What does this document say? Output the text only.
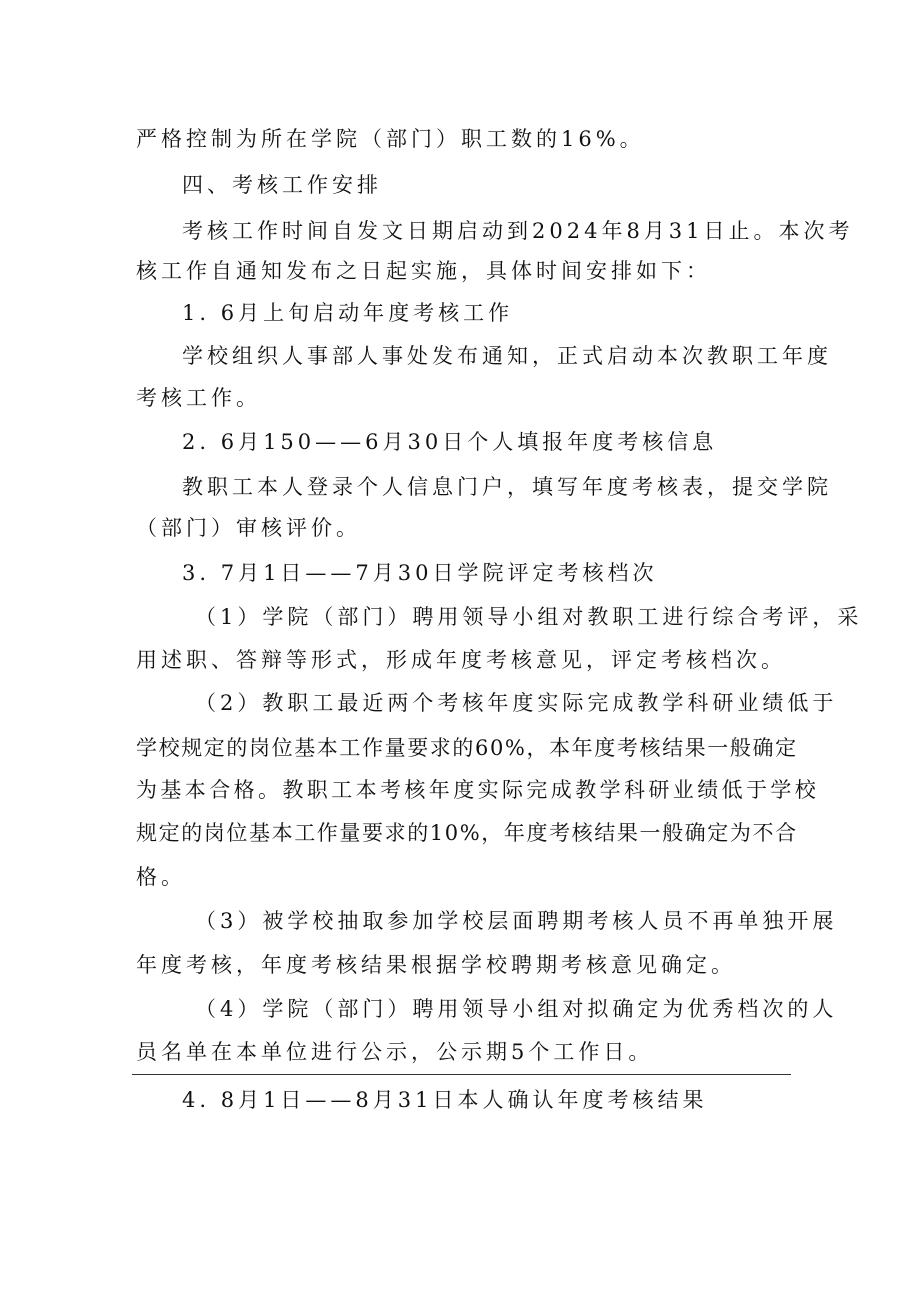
严格控制为所在学院（部门）职工数的16%。
四、考核工作安排
考核工作时间自发文日期启动到2024年8月31日止。本次考
核工作自通知发布之日起实施，具体时间安排如下：
1. 6月上旬启动年度考核工作
学校组织人事部人事处发布通知，正式启动本次教职工年度
考核工作。
2. 6月150——6月30日个人填报年度考核信息
教职工本人登录个人信息门户，填写年度考核表，提交学院
（部门）审核评价。
3. 7月1日——7月30日学院评定考核档次
（1）学院（部门）聘用领导小组对教职工进行综合考评，采
用述职、答辩等形式，形成年度考核意见，评定考核档次。
（2）教职工最近两个考核年度实际完成教学科研业绩低于
学校规定的岗位基本工作量要求的60%，本年度考核结果一般确定
为基本合格。教职工本考核年度实际完成教学科研业绩低于学校
规定的岗位基本工作量要求的10%，年度考核结果一般确定为不合
格。
（3）被学校抽取参加学校层面聘期考核人员不再单独开展
年度考核，年度考核结果根据学校聘期考核意见确定。
（4）学院（部门）聘用领导小组对拟确定为优秀档次的人
员名单在本单位进行公示，公示期5个工作日。
4. 8月1日——8月31日本人确认年度考核结果
